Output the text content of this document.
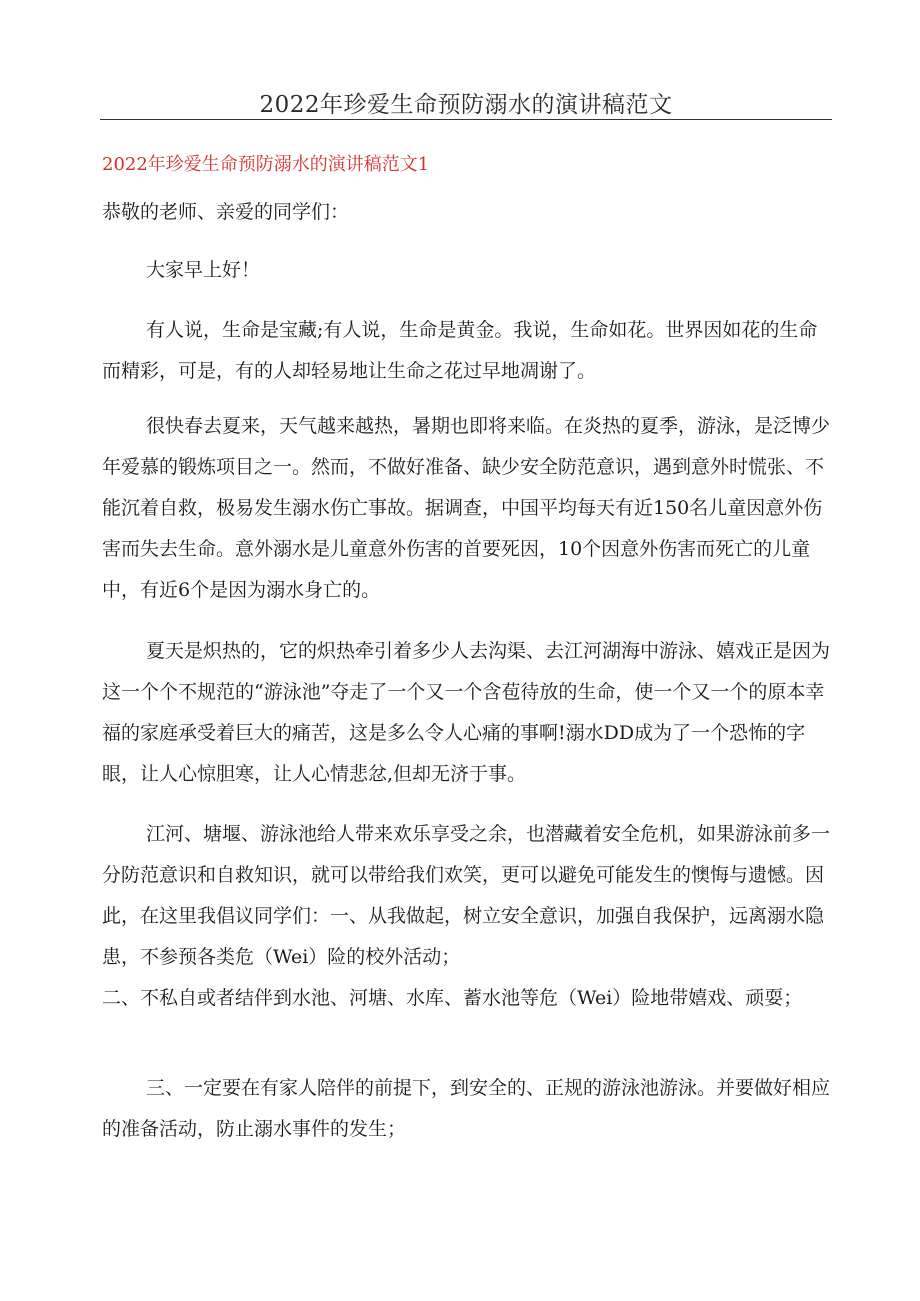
2022年珍爱生命预防溺水的演讲稿范文

2022年珍爱生命预防溺水的演讲稿范文1

恭敬的老师、亲爱的同学们：

大家早上好！

有人说，生命是宝藏;有人说，生命是黄金。我说，生命如花。世界因如花的生命而精彩，可是，有的人却轻易地让生命之花过早地凋谢了。

很快春去夏来，天气越来越热，暑期也即将来临。在炎热的夏季，游泳，是泛博少年爱慕的锻炼项目之一。然而，不做好准备、缺少安全防范意识，遇到意外时慌张、不能沉着自救，极易发生溺水伤亡事故。据调查，中国平均每天有近150名儿童因意外伤害而失去生命。意外溺水是儿童意外伤害的首要死因，10个因意外伤害而死亡的儿童中，有近6个是因为溺水身亡的。

夏天是炽热的，它的炽热牵引着多少人去沟渠、去江河湖海中游泳、嬉戏正是因为这一个个不规范的“游泳池”夺走了一个又一个含苞待放的生命，使一个又一个的原本幸福的家庭承受着巨大的痛苦，这是多么令人心痛的事啊!溺水DD成为了一个恐怖的字眼，让人心惊胆寒，让人心情悲忿,但却无济于事。

江河、塘堰、游泳池给人带来欢乐享受之余，也潜藏着安全危机，如果游泳前多一分防范意识和自救知识，就可以带给我们欢笑，更可以避免可能发生的懊悔与遗憾。因此，在这里我倡议同学们：一、从我做起，树立安全意识，加强自我保护，远离溺水隐患，不参预各类危（Wei）险的校外活动；

二、不私自或者结伴到水池、河塘、水库、蓄水池等危（Wei）险地带嬉戏、顽耍；

三、一定要在有家人陪伴的前提下，到安全的、正规的游泳池游泳。并要做好相应的准备活动，防止溺水事件的发生；
